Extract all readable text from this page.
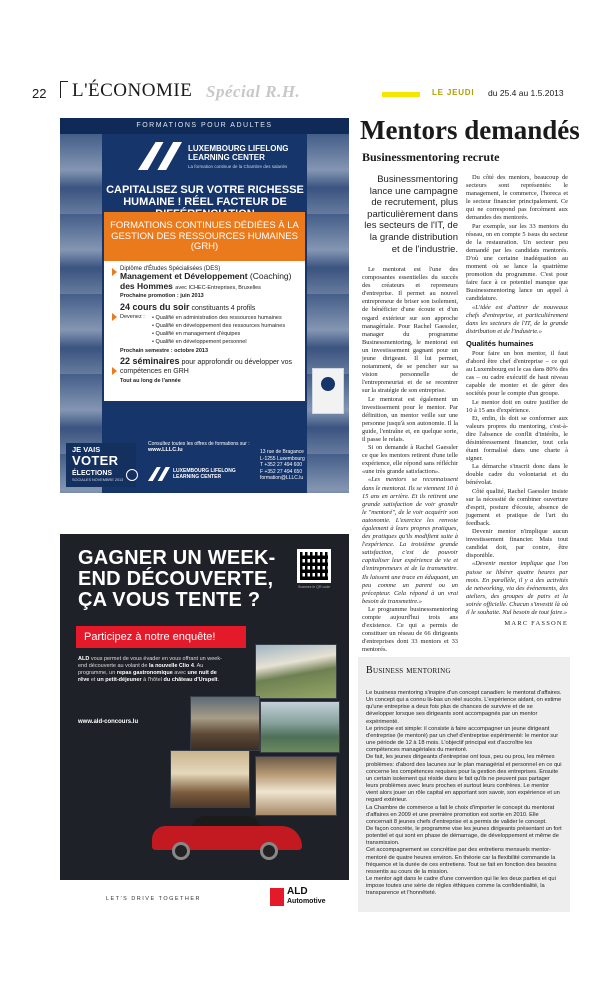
22 L'ÉCONOMIE Spécial R.H.	LE JEUDI du 25.4 au 1.5.2013
FORMATIONS POUR ADULTES
LUXEMBOURG LIFELONG LEARNING CENTER
La formation continue de la Chambre des salariés
CAPITALISEZ SUR VOTRE RICHESSE HUMAINE ! RÉEL FACTEUR DE
FORMATIONS CONTINUES DÉDIÉES À LA GESTION DES RESSOURCES HUMAINES (GRH)
Diplôme d'Études Spécialisées (DES)
Management et Développement (Coaching)
des Hommes avec ICHEC-Entreprises, Bruxelles
Prochaine promotion : juin 2013
24 cours du soir constituants 4 profils
Devenez :
•	Qualifié en administration des ressources humaines
• Qualifié en développement des ressources humaines
• Qualifié en management d'équipes
• Qualifié en développement personnel
Prochain semestre : octobre 2013
22 séminaires pour approfondir ou développer vos compétences en GRH
Tout au long de l'année
JE VAIS
VOTER
ÉLECTIONS
SOCIALES NOVEMBRE 2013
Consultez toutes les offres de formations sur :
www.LLLC.lu
LUXEMBOURG LIFELONG LEARNING CENTER
13 rue de Bragance
L-1255 Luxembourg
T +352 27 494 600
F +352 27 494 650
formation@LLLC.lu
GAGNER UN WEEK-END DÉCOUVERTE, ÇA VOUS TENTE ?
Scannez le QR code
Participez à notre enquête!
ALD vous permet de vous évader en vous offrant un week-end découverte au volant de la nouvelle Clio 4. Au programme, un repas gastronomique avec une nuit de rêve et un petit-déjeuner à l'hôtel du château d'Urspelt.
www.ald-concours.lu
LET'S DRIVE TOGETHER
ALD
Automotive
Mentors demandés
Businessmentoring recrute
Businessmentoring lance une campagne de recrutement, plus particulièrement dans les secteurs de l'IT, de la grande distribution et de l'industrie.

Le mentorat est l'une des composantes essentielles du succès des créateurs et repreneurs d'entreprise. Il permet au nouvel entrepreneur de briser son isolement, de bénéficier d'une écoute et d'un regard extérieur sur son approche managériale. Pour Rachel Gaessler, manager du programme Businessmentoring, le mentorat est un investissement gagnant pour un jeune dirigeant. Il lui permet, notamment, de se pencher sur sa vision personnelle de l'entrepreneuriat et de se recentrer sur la stratégie de son entreprise.

Le mentorat est également un investissement pour le mentor. Par définition, un mentor veille sur une personne jusqu'à son autonomie. Il la guide, l'entraîne et, en quelque sorte, il passe le relais.

Si on demande à Rachel Gaessler ce que les mentors retirent d'une telle expérience, elle répond sans réfléchir «une très grande satisfaction».

«Les mentors se reconnaissent dans le mentorat. Ils se viennent 10 à 15 ans en arrière. Et ils retirent une grande satisfaction de voir grandir le "mentoré", de le voir acquérir son autonomie. L'exercice les renvoie également à leurs propres pratiques, des pratiques qu'ils modifient suite à l'expérience. La troisième grande satisfaction, c'est de pouvoir capitaliser leur expérience de vie et d'entrepreneurs et de la transmettre. Ils laissent une trace en éduquant, un peu comme un parent ou un précepteur. Cela répond à un vrai besoin de transmettre.»

Le programme businessmentoring compte aujourd'hui trois ans d'existence. Ce qui a permis de constituer un réseau de 66 dirigeants d'entreprises dont 33 mentors et 33 mentorés.

Du côté des mentors, beaucoup de secteurs sont représentés: le management, le commerce, l'horeca et le secteur financier principalement. Ce qui ne correspond pas forcément aux demandes des mentorés.

Par exemple, sur les 33 mentors du réseau, on en compte 5 issus du secteur de la restauration. Un secteur peu demandé par les candidats mentorés. D'où une certaine inadéquation au moment où se lance la quatrième promotion du programme. C'est pour faire face à ce potentiel manque que Businessmentoring lance un appel à candidature.

«L'idée est d'attirer de nouveaux chefs d'entreprise, et particulièrement dans les secteurs de l'IT, de la grande distribution et de l'industrie.»

Qualités humaines

Pour faire un bon mentor, il faut d'abord être chef d'entreprise – ce qui au Luxembourg est le cas dans 80% des cas – ou cadre exécutif de haut niveau capable de monter et de gérer des sociétés pour le compte d'un groupe.

Le mentor doit en outre justifier de 10 à 15 ans d'expérience.

Et, enfin, ils doit se conformer aux valeurs propres du mentoring, c'est-à-dire l'absence de conflit d'intérêts, le désintéressement financier, tout cela étant formalisé dans une charte à signer.

La démarche s'inscrit donc dans le double cadre du volontariat et du bénévolat.

Côté qualité, Rachel Gaessler insiste sur la nécessité de combiner ouverture d'esprit, posture d'écoute, absence de jugement et pratique de l'art du feedback.

Devenir mentor n'implique aucun investissement financier. Mais tout candidat doit, par contre, être disponible.

«Devenir mentor implique que l'on puisse se libérer quatre heures par mois. En parallèle, il y a des activités de networking, via des événements, des ateliers, des groupes de pairs et la soirée officielle. Chacun s'investit là où il le souhaite. Nul besoin de tout faire.»

MARC FASSONE

Business mentoring

Le business mentoring s'inspire d'un concept canadien: le mentorat d'affaires. Un concept qui a connu là-bas un réel succès. L'expérience aidant, on estime qu'une entreprise a deux fois plus de chances de survivre et de se développer lorsque ses dirigeants sont accompagnés par un mentor expérimenté.

Le principe est simple: il consiste à faire accompagner un jeune dirigeant d'entreprise (le mentoré) par un chef d'entreprise expérimenté: le mentor sur une période de 12 à 18 mois. L'objectif principal est d'accroître les compétences managériales du mentoré.

De fait, les jeunes dirigeants d'entreprise ont tous, peu ou prou, les mêmes problèmes: d'abord des lacunes sur le plan managérial et personnel en ce qui concerne les compétences requises pour la gestion des entreprises. Ensuite un certain isolement qui réside dans le fait qu'ils ne peuvent pas partager leurs problèmes avec leurs proches et surtout leurs confrères. Le mentor vient alors jouer un rôle capital en apportant son savoir, son expérience et un regard extérieur.

La Chambre de commerce a fait le choix d'importer le concept du mentorat d'affaires en 2009 et une première promotion est sortie en 2010. Elle concernait 8 jeunes chefs d'entreprise et a permis de valider le concept.

De façon concrète, le programme vise les jeunes dirigeants présentant un fort potentiel et qui sont en phase de démarrage, de développement et même de transmission.

Cet accompagnement se concrétise par des entretiens mensuels mentor-mentoré de quatre heures environ. En théorie car la flexibilité commande la fréquence et la durée de ces entretiens. Tout se fait en fonction des besoins ressentis au cours de la mission.

Le mentor agit dans le cadre d'une convention qui lie les deux parties et qui impose toutes une série de règles éthiques comme la confidentialité, la transparence et l'honnêteté.
